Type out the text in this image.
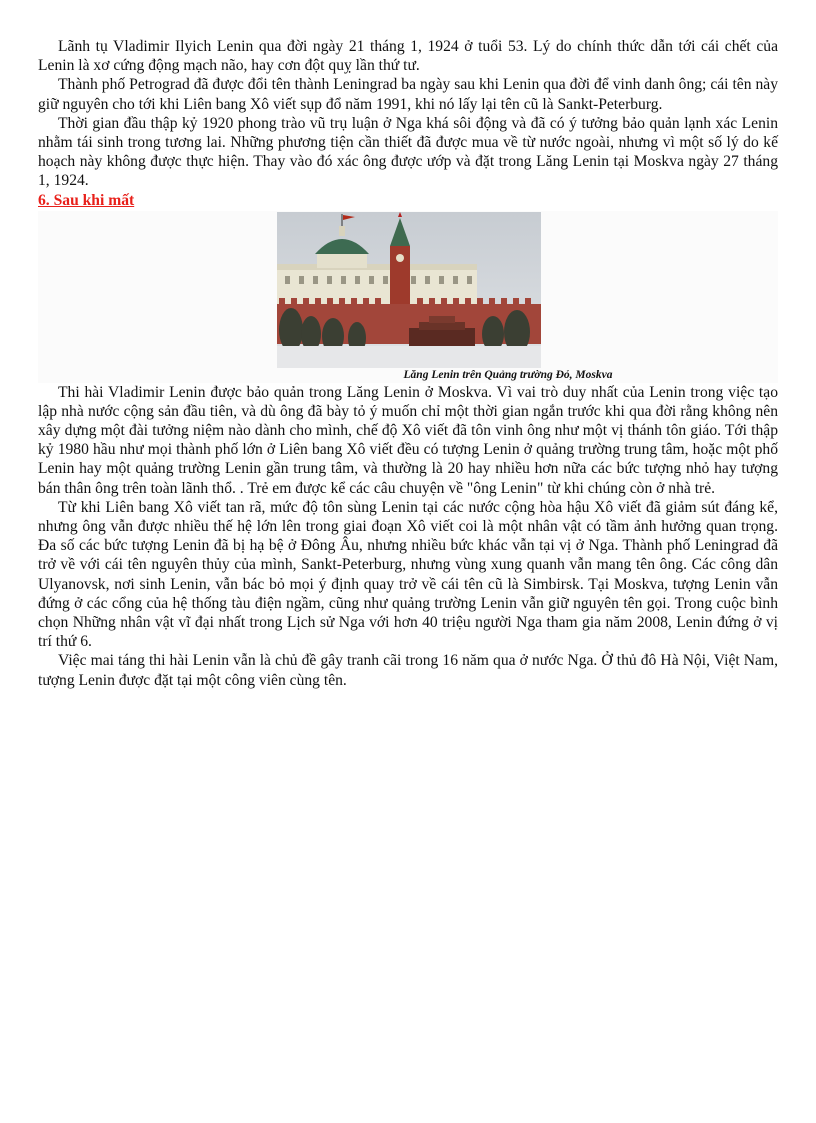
Lãnh tụ Vladimir Ilyich Lenin qua đời ngày 21 tháng 1, 1924 ở tuổi 53. Lý do chính thức dẫn tới cái chết của Lenin là xơ cứng động mạch não, hay cơn đột quỵ lần thứ tư.

Thành phố Petrograd đã được đổi tên thành Leningrad ba ngày sau khi Lenin qua đời để vinh danh ông; cái tên này giữ nguyên cho tới khi Liên bang Xô viết sụp đổ năm 1991, khi nó lấy lại tên cũ là Sankt-Peterburg.

Thời gian đầu thập kỷ 1920 phong trào vũ trụ luận ở Nga khá sôi động và đã có ý tưởng bảo quản lạnh xác Lenin nhằm tái sinh trong tương lai. Những phương tiện cần thiết đã được mua về từ nước ngoài, nhưng vì một số lý do kế hoạch này không được thực hiện. Thay vào đó xác ông được ướp và đặt trong Lăng Lenin tại Moskva ngày 27 tháng 1, 1924.

6. Sau khi mất
Lăng Lenin trên Quảng trường Đỏ, Moskva

Thi hài Vladimir Lenin được bảo quản trong Lăng Lenin ở Moskva. Vì vai trò duy nhất của Lenin trong việc tạo lập nhà nước cộng sản đầu tiên, và dù ông đã bày tỏ ý muốn chỉ một thời gian ngắn trước khi qua đời rằng không nên xây dựng một đài tưởng niệm nào dành cho mình, chế độ Xô viết đã tôn vinh ông như một vị thánh tôn giáo. Tới thập kỷ 1980 hầu như mọi thành phố lớn ở Liên bang Xô viết đều có tượng Lenin ở quảng trường trung tâm, hoặc một phố Lenin hay một quảng trường Lenin gần trung tâm, và thường là 20 hay nhiều hơn nữa các bức tượng nhỏ hay tượng bán thân ông trên toàn lãnh thổ. . Trẻ em được kể các câu chuyện về "ông Lenin" từ khi chúng còn ở nhà trẻ.

Từ khi Liên bang Xô viết tan rã, mức độ tôn sùng Lenin tại các nước cộng hòa hậu Xô viết đã giảm sút đáng kể, nhưng ông vẫn được nhiều thế hệ lớn lên trong giai đoạn Xô viết coi là một nhân vật có tầm ảnh hưởng quan trọng. Đa số các bức tượng Lenin đã bị hạ bệ ở Đông Âu, nhưng nhiều bức khác vẫn tại vị ở Nga. Thành phố Leningrad đã trở về với cái tên nguyên thủy của mình, Sankt-Peterburg, nhưng vùng xung quanh vẫn mang tên ông. Các công dân Ulyanovsk, nơi sinh Lenin, vẫn bác bỏ mọi ý định quay trở về cái tên cũ là Simbirsk. Tại Moskva, tượng Lenin vẫn đứng ở các cổng của hệ thống tàu điện ngầm, cũng như quảng trường Lenin vẫn giữ nguyên tên gọi. Trong cuộc bình chọn Những nhân vật vĩ đại nhất trong Lịch sử Nga với hơn 40 triệu người Nga tham gia năm 2008, Lenin đứng ở vị trí thứ 6.

Việc mai táng thi hài Lenin vẫn là chủ đề gây tranh cãi trong 16 năm qua ở nước Nga. Ở thủ đô Hà Nội, Việt Nam, tượng Lenin được đặt tại một công viên cùng tên.
